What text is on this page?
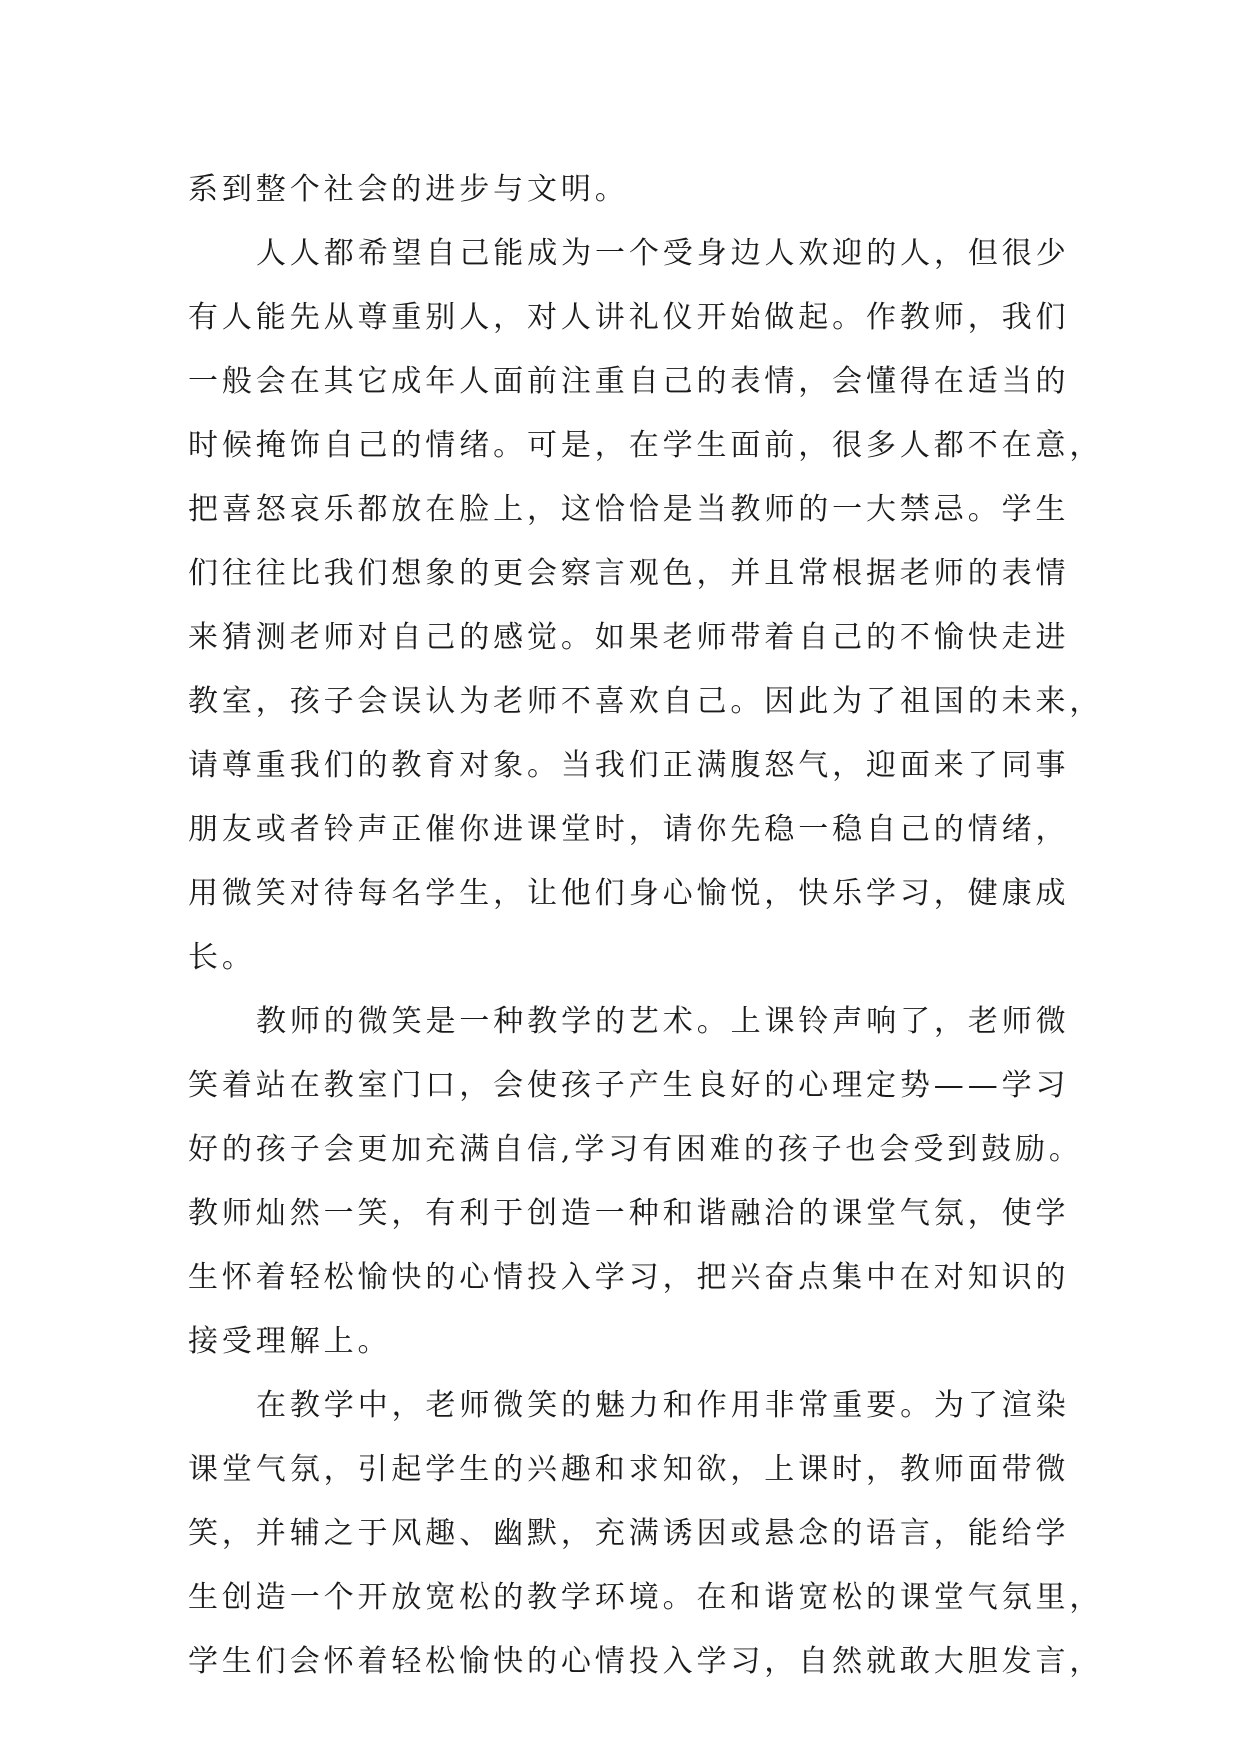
系到整个社会的进步与文明。
人人都希望自己能成为一个受身边人欢迎的人，但很少
有人能先从尊重别人，对人讲礼仪开始做起。作教师，我们
一般会在其它成年人面前注重自己的表情，会懂得在适当的
时候掩饰自己的情绪。可是，在学生面前，很多人都不在意，
把喜怒哀乐都放在脸上，这恰恰是当教师的一大禁忌。学生
们往往比我们想象的更会察言观色，并且常根据老师的表情
来猜测老师对自己的感觉。如果老师带着自己的不愉快走进
教室，孩子会误认为老师不喜欢自己。因此为了祖国的未来，
请尊重我们的教育对象。当我们正满腹怒气，迎面来了同事
朋友或者铃声正催你进课堂时，请你先稳一稳自己的情绪，
用微笑对待每名学生，让他们身心愉悦，快乐学习，健康成
长。
教师的微笑是一种教学的艺术。上课铃声响了，老师微
笑着站在教室门口，会使孩子产生良好的心理定势——学习
好的孩子会更加充满自信,学习有困难的孩子也会受到鼓励。
教师灿然一笑，有利于创造一种和谐融洽的课堂气氛，使学
生怀着轻松愉快的心情投入学习，把兴奋点集中在对知识的
接受理解上。
在教学中，老师微笑的魅力和作用非常重要。为了渲染
课堂气氛，引起学生的兴趣和求知欲，上课时，教师面带微
笑，并辅之于风趣、幽默，充满诱因或悬念的语言，能给学
生创造一个开放宽松的教学环境。在和谐宽松的课堂气氛里，
学生们会怀着轻松愉快的心情投入学习，自然就敢大胆发言，
